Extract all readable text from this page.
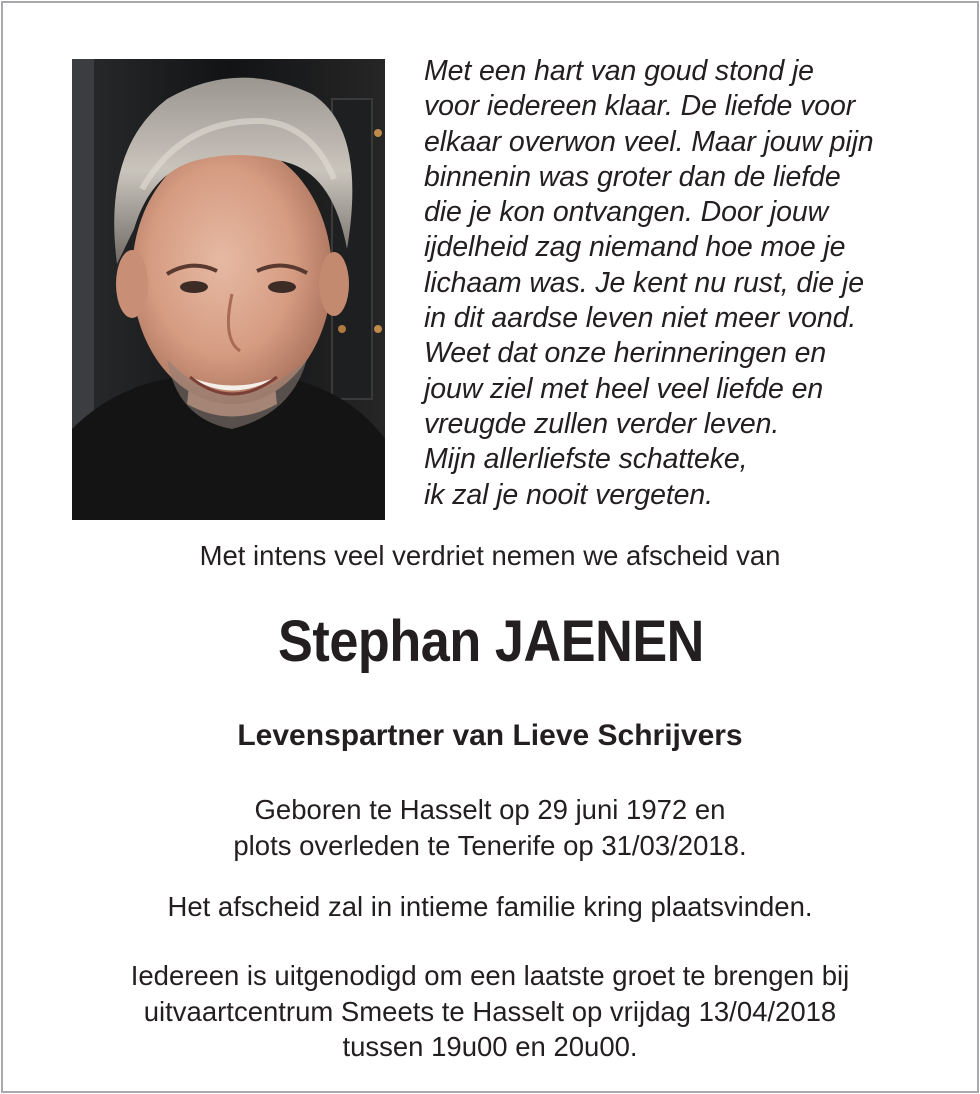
Met een hart van goud stond je
voor iedereen klaar. De liefde voor
elkaar overwon veel. Maar jouw pijn
binnenin was groter dan de liefde
die je kon ontvangen. Door jouw
ijdelheid zag niemand hoe moe je
lichaam was. Je kent nu rust, die je
in dit aardse leven niet meer vond.
Weet dat onze herinneringen en
jouw ziel met heel veel liefde en
vreugde zullen verder leven.
Mijn allerliefste schatteke,
ik zal je nooit vergeten.
Met intens veel verdriet nemen we afscheid van
Stephan JAENEN
Levenspartner van Lieve Schrijvers
Geboren te Hasselt op 29 juni 1972 en
plots overleden te Tenerife op 31/03/2018.
Het afscheid zal in intieme familie kring plaatsvinden.
Iedereen is uitgenodigd om een laatste groet te brengen bij
uitvaartcentrum Smeets te Hasselt op vrijdag 13/04/2018
tussen 19u00 en 20u00.
